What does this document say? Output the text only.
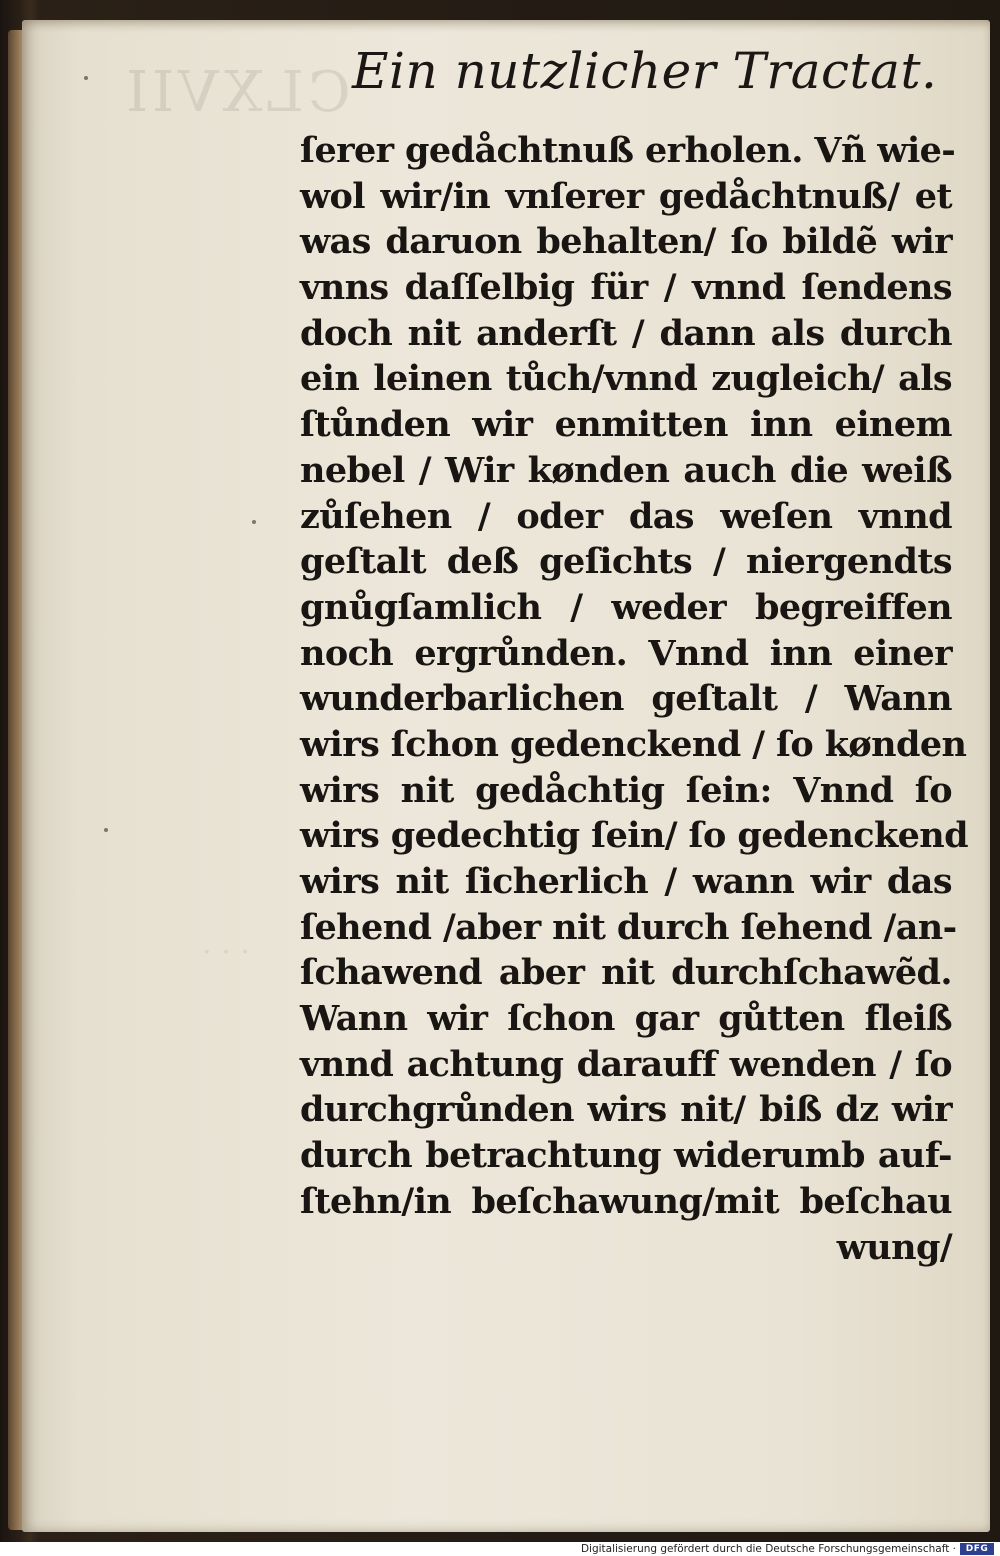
CLXVII
· · ·
Ein nutzlicher Tractat.
ſerer gedåchtnuß erholen. Vñ wie-
wol wir/in vnſerer gedåchtnuß/ et
was daruon behalten/ ſo bildẽ wir
vnns daſſelbig für / vnnd ſendens
doch nit anderſt / dann als durch
ein leinen tůch/vnnd zugleich/ als
ſtůnden wir enmitten inn einem
nebel / Wir kønden auch die weiß
zůſehen / oder das weſen vnnd
geſtalt deß geſichts / niergendts
gnůgſamlich / weder begreiffen
noch ergrůnden. Vnnd inn einer
wunderbarlichen geſtalt / Wann
wirs ſchon gedenckend / ſo kønden
wirs nit gedåchtig ſein: Vnnd ſo
wirs gedechtig ſein/ ſo gedenckend
wirs nit ſicherlich / wann wir das
ſehend /aber nit durch ſehend /an-
ſchawend aber nit durchſchawẽd.
Wann wir ſchon gar gůtten fleiß
vnnd achtung darauff wenden / ſo
durchgrůnden wirs nit/ biß dz wir
durch betrachtung widerumb auf-
ſtehn/in beſchawung/mit beſchau
wung/
Digitalisierung gefördert durch die Deutsche Forschungsgemeinschaft ·	DFG
